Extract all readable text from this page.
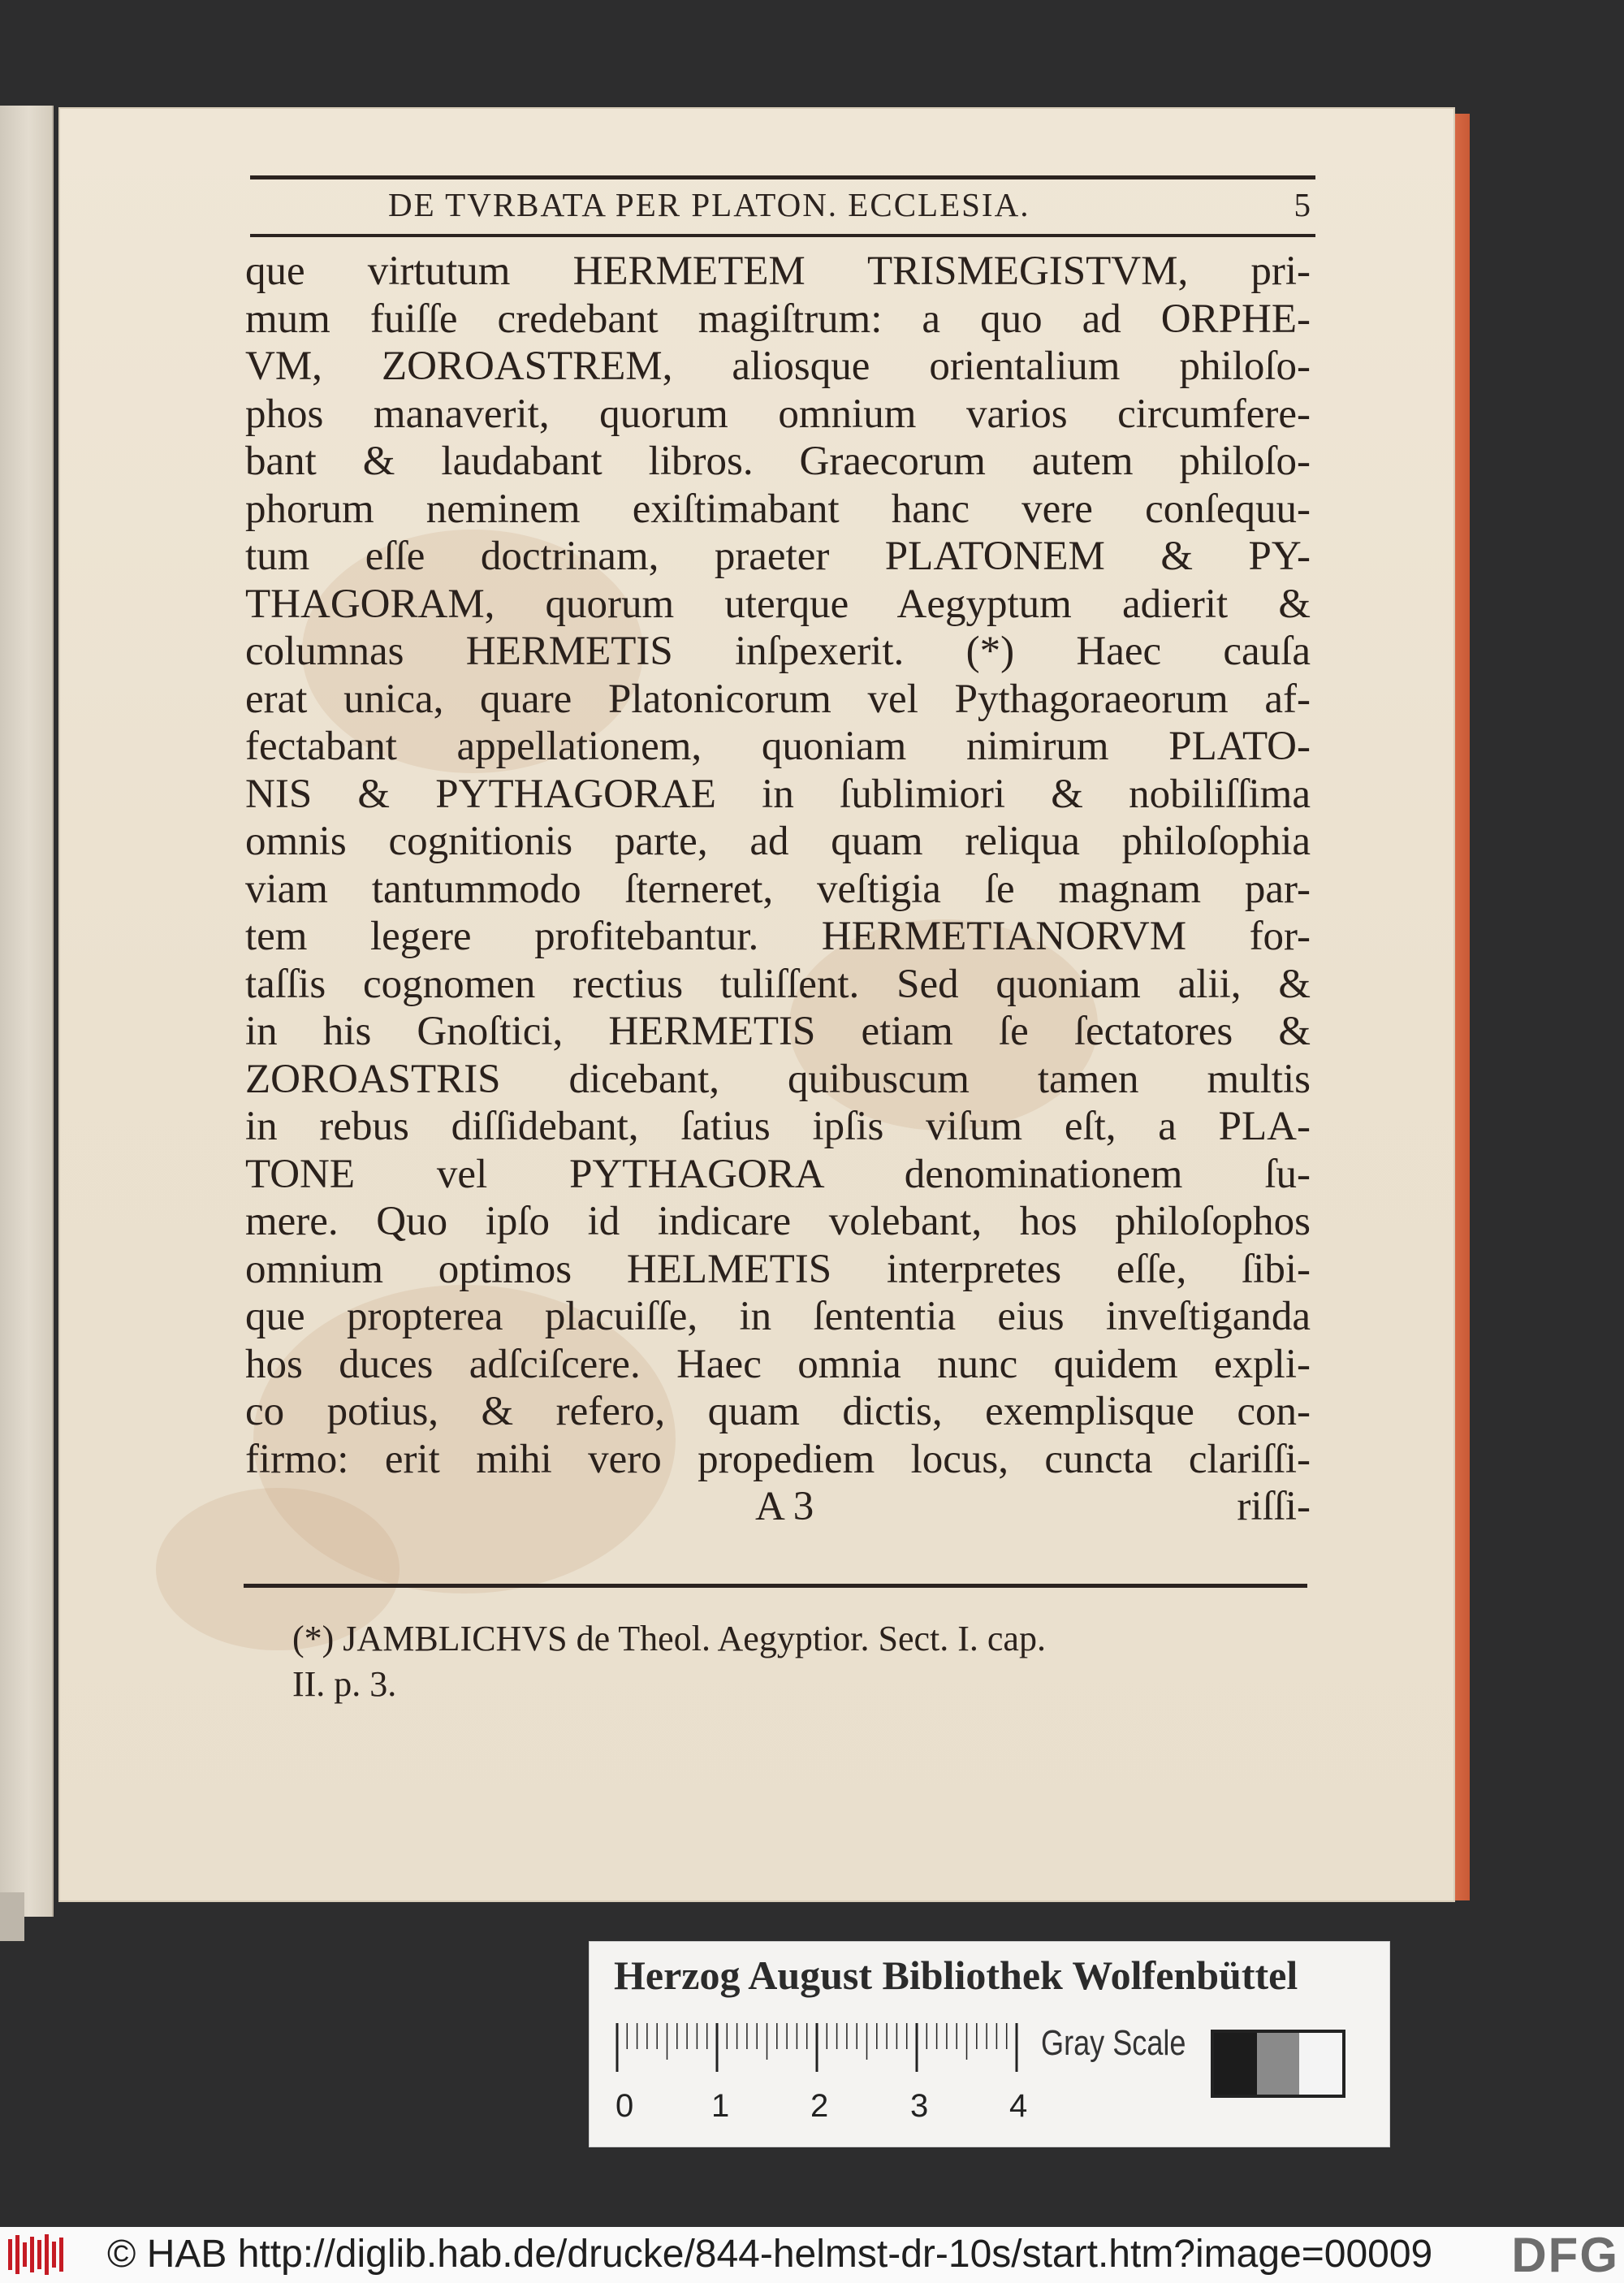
DE TVRBATA PER PLATON. ECCLESIA.	5
que virtutum HERMETEM TRISMEGISTVM, pri-
mum fuiſſe credebant magiſtrum: a quo ad ORPHE-
VM, ZOROASTREM, aliosque orientalium philoſo-
phos manaverit, quorum omnium varios circumfere-
bant & laudabant libros. Graecorum autem philoſo-
phorum neminem exiſtimabant hanc vere conſequu-
tum eſſe doctrinam, praeter PLATONEM & PY-
THAGORAM, quorum uterque Aegyptum adierit &
columnas HERMETIS inſpexerit. (*) Haec cauſa
erat unica, quare Platonicorum vel Pythagoraeorum af-
fectabant appellationem, quoniam nimirum PLATO-
NIS & PYTHAGORAE in ſublimiori & nobiliſſima
omnis cognitionis parte, ad quam reliqua philoſophia
viam tantummodo ſterneret, veſtigia ſe magnam par-
tem legere profitebantur. HERMETIANORVM for-
taſſis cognomen rectius tuliſſent. Sed quoniam alii, &
in his Gnoſtici, HERMETIS etiam ſe ſectatores &
ZOROASTRIS dicebant, quibuscum tamen multis
in rebus diſſidebant, ſatius ipſis viſum eſt, a PLA-
TONE vel PYTHAGORA denominationem ſu-
mere. Quo ipſo id indicare volebant, hos philoſophos
omnium optimos HELMETIS interpretes eſſe, ſibi-
que propterea placuiſſe, in ſententia eius inveſtiganda
hos duces adſciſcere. Haec omnia nunc quidem expli-
co potius, & refero, quam dictis, exemplisque con-
firmo: erit mihi vero propediem locus, cuncta clariſſi-
A 3	riſſi-
(*) JAMBLICHVS de Theol. Aegyptior. Sect. I. cap.
II. p. 3.
Herzog August Bibliothek Wolfenbüttel
0 1 2	3 4
Gray Scale
© HAB http://diglib.hab.de/drucke/844-helmst-dr-10s/start.htm?image=00009 DFG
